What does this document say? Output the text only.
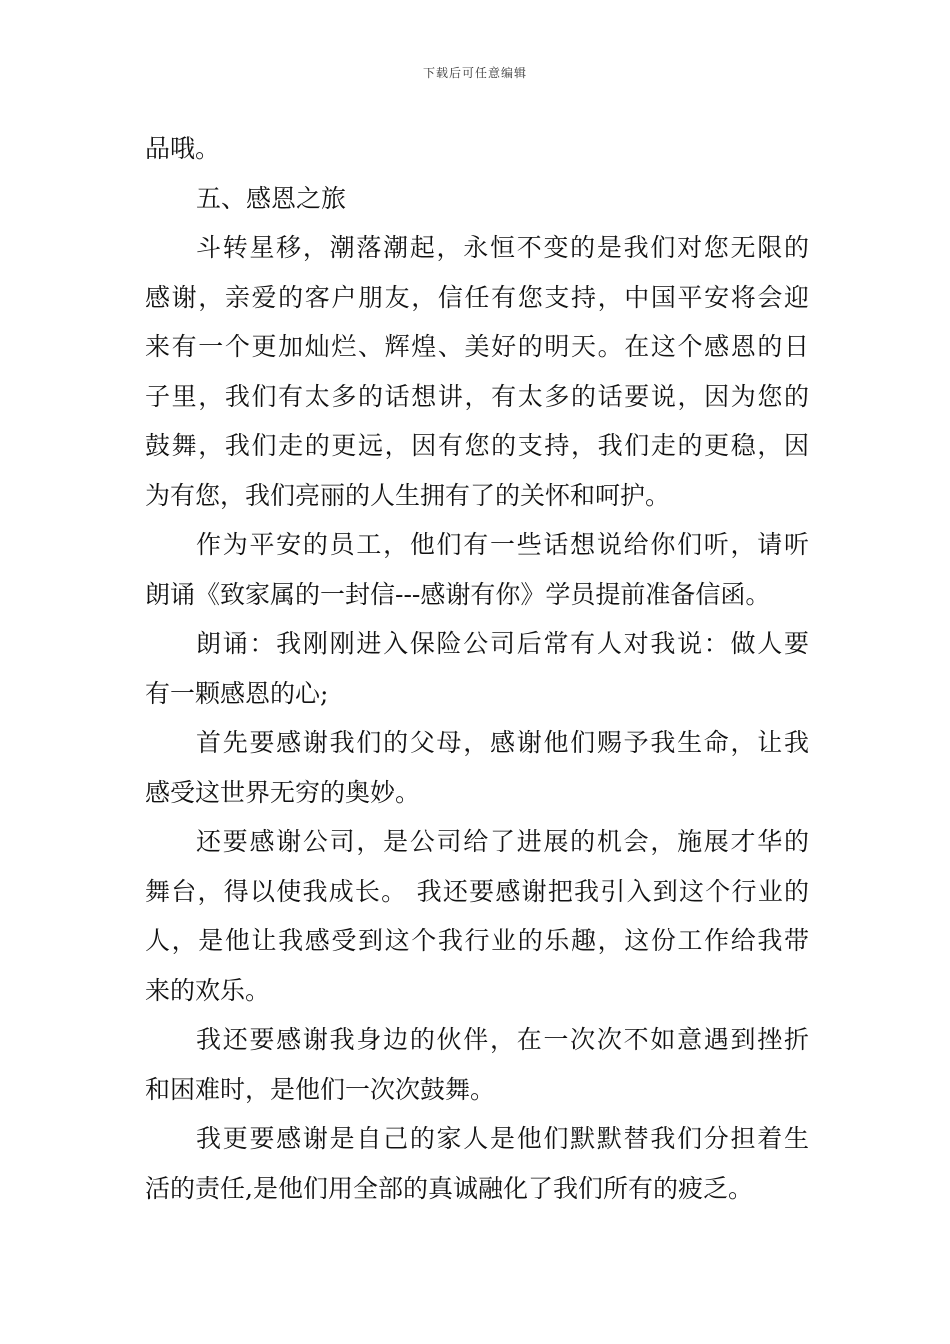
下载后可任意编辑
品哦。
五、感恩之旅
斗转星移，潮落潮起，永恒不变的是我们对您无限的
感谢，亲爱的客户朋友，信任有您支持，中国平安将会迎
来有一个更加灿烂、辉煌、美好的明天。在这个感恩的日
子里，我们有太多的话想讲，有太多的话要说，因为您的
鼓舞，我们走的更远，因有您的支持，我们走的更稳，因
为有您，我们亮丽的人生拥有了的关怀和呵护。
作为平安的员工，他们有一些话想说给你们听，请听
朗诵《致家属的一封信---感谢有你》学员提前准备信函。
朗诵：我刚刚进入保险公司后常有人对我说：做人要
有一颗感恩的心;
首先要感谢我们的父母，感谢他们赐予我生命，让我
感受这世界无穷的奥妙。
还要感谢公司，是公司给了进展的机会，施展才华的
舞台，得以使我成长。 我还要感谢把我引入到这个行业的
人，是他让我感受到这个我行业的乐趣，这份工作给我带
来的欢乐。
我还要感谢我身边的伙伴，在一次次不如意遇到挫折
和困难时，是他们一次次鼓舞。
我更要感谢是自己的家人是他们默默替我们分担着生
活的责任,是他们用全部的真诚融化了我们所有的疲乏。
